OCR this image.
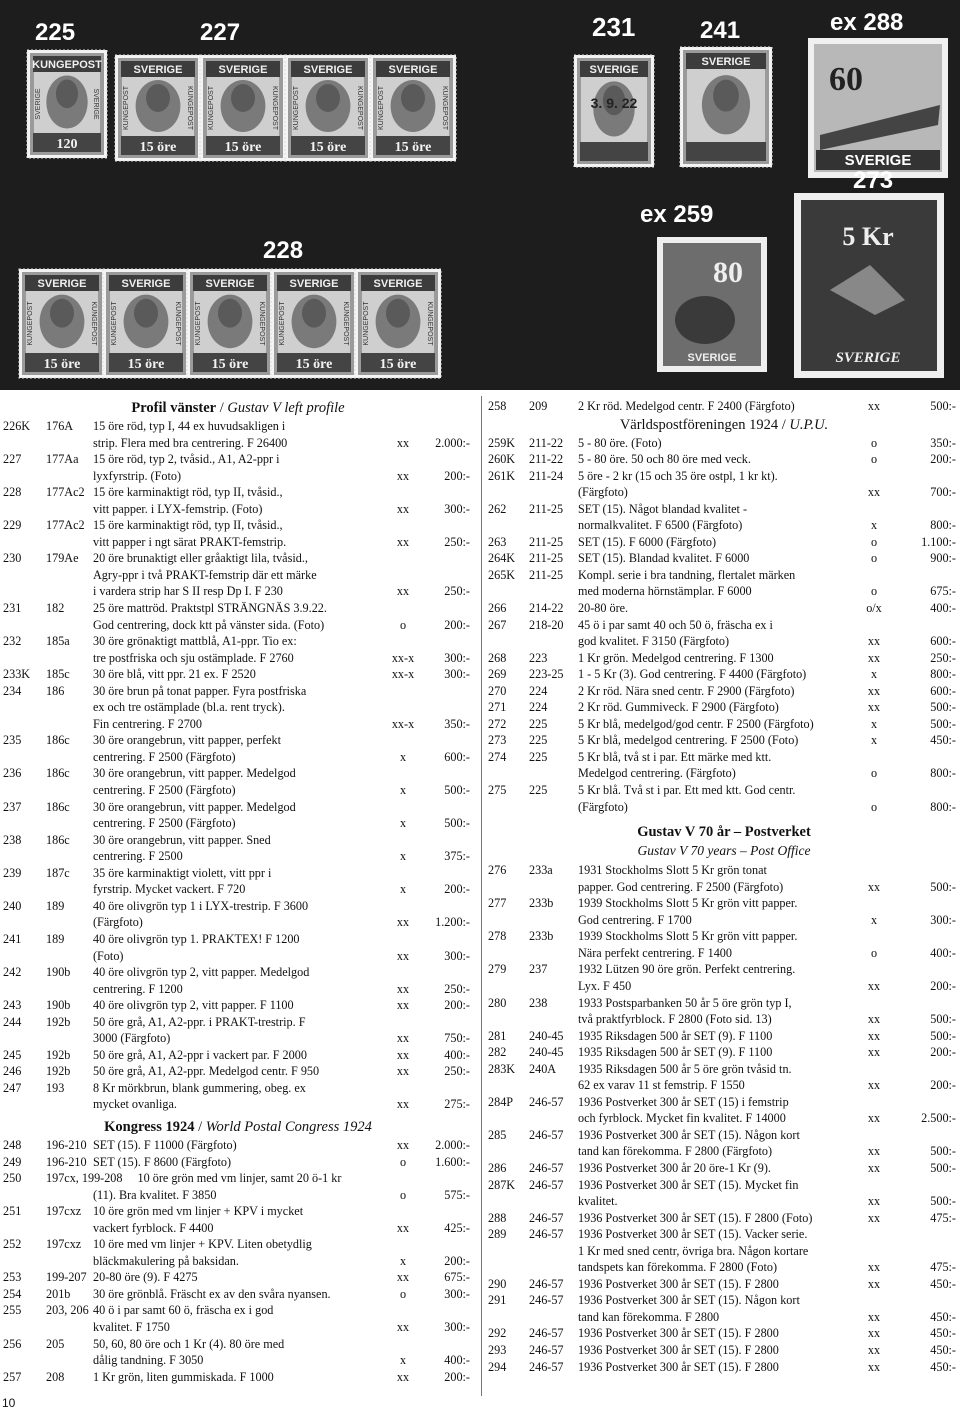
KUNGEPOST
120
SVERIGE	SVERIGE
SVERIGE
15 öre
KUNGEPOST	KUNGEPOST
SVERIGE
15 öre
KUNGEPOST	KUNGEPOST
SVERIGE
15 öre
KUNGEPOST	KUNGEPOST
SVERIGE
15 öre
KUNGEPOST	KUNGEPOST
SVERIGE
3. 9. 22
SVERIGE 60
SVERIGE
80
SVERIGE
5 Kr
SVERIGE
SVERIGE
15 öre
KUNGEPOST	KUNGEPOST
SVERIGE
15 öre
KUNGEPOST	KUNGEPOST
SVERIGE
15 öre
KUNGEPOST	KUNGEPOST
SVERIGE
15 öre
KUNGEPOST	KUNGEPOST
SVERIGE
15 öre
KUNGEPOST	KUNGEPOST
225	227	231	241	ex 288
273
ex 259
228
Profil vänster / Gustav V left profile
226K 176A 15 öre röd, typ I, 44 ex huvudsakligen i
strip. Flera med bra centrering. F 26400	xx	2.000:-
227 177Aa 15 öre röd, typ 2, tvåsid., A1, A2-ppr i
lyxfyrstrip. (Foto)	xx	200:-
228 177Ac2 15 öre karminaktigt röd, typ II, tvåsid.,
vitt papper. i LYX-femstrip. (Foto)	xx	300:-
229 177Ac2 15 öre karminaktigt röd, typ II, tvåsid.,
vitt papper i ngt särat PRAKT-femstrip.	xx	250:-
230 179Ae 20 öre brunaktigt eller gråaktigt lila, tvåsid.,
Agry-ppr i två PRAKT-femstrip där ett märke
i vardera strip har S II resp Dp I. F 230	xx	250:-
231 182 25 öre mattröd. Praktstpl STRÄNGNÄS 3.9.22.
God centrering, dock ktt på vänster sida. (Foto)	o	200:-
232 185a 30 öre grönaktigt mattblå, A1-ppr. Tio ex:
tre postfriska och sju ostämplade. F 2760	xx-x	300:-
233K 185c 30 öre blå, vitt ppr. 21 ex. F 2520	xx-x	300:-
234 186 30 öre brun på tonat papper. Fyra postfriska
ex och tre ostämplade (bl.a. rent tryck).
Fin centrering. F 2700	xx-x	350:-
235 186c 30 öre orangebrun, vitt papper, perfekt
centrering. F 2500 (Färgfoto)	x	600:-
236 186c 30 öre orangebrun, vitt papper. Medelgod
centrering. F 2500 (Färgfoto)	x	500:-
237 186c 30 öre orangebrun, vitt papper. Medelgod
centrering. F 2500 (Färgfoto)	x	500:-
238 186c 30 öre orangebrun, vitt papper. Sned
centrering. F 2500	x	375:-
239 187c 35 öre karminaktigt violett, vitt ppr i
fyrstrip. Mycket vackert. F 720	x	200:-
240 189 40 öre olivgrön typ 1 i LYX-trestrip. F 3600
(Färgfoto)	xx	1.200:-
241 189 40 öre olivgrön typ 1. PRAKTEX! F 1200
(Foto)	xx	300:-
242 190b 40 öre olivgrön typ 2, vitt papper. Medelgod
centrering. F 1200	xx	250:-
243 190b 40 öre olivgrön typ 2, vitt papper. F 1100	xx	200:-
244 192b 50 öre grå, A1, A2-ppr. i PRAKT-trestrip. F
3000 (Färgfoto)	xx	750:-
245 192b 50 öre grå, A1, A2-ppr i vackert par. F 2000	xx	400:-
246 192b 50 öre grå, A1, A2-ppr. Medelgod centr. F 950	xx	250:-
247 193 8 Kr mörkbrun, blank gummering, obeg. ex
mycket ovanliga.	xx	275:-
Kongress 1924 / World Postal Congress 1924
248 196-210 SET (15). F 11000 (Färgfoto)	xx	2.000:-
249 196-210 SET (15). F 8600 (Färgfoto)	o	1.600:-
250 197cx, 199-208 10 öre grön med vm linjer, samt 20 ö-1 kr
(11). Bra kvalitet. F 3850	o	575:-
251 197cxz 10 öre grön med vm linjer + KPV i mycket
vackert fyrblock. F 4400	xx	425:-
252 197cxz 10 öre med vm linjer + KPV. Liten obetydlig
bläckmakulering på baksidan.	x	200:-
253 199-207 20-80 öre (9). F 4275	xx	675:-
254 201b 30 öre grönblå. Fräscht ex av den svåra nyansen.	o	300:-
255 203, 206 40 ö i par samt 60 ö, fräscha ex i god
kvalitet. F 1750	xx	300:-
256 205 50, 60, 80 öre och 1 Kr (4). 80 öre med
dålig tandning. F 3050	x	400:-
257 208 1 Kr grön, liten gummiskada. F 1000	xx	200:-
258 209	2 Kr röd. Medelgod centr. F 2400 (Färgfoto)	xx	500:-
Världspostföreningen 1924 / U.P.U.
259K 211-22 5 - 80 öre. (Foto)	o	350:-
260K 211-22 5 - 80 öre. 50 och 80 öre med veck.	o	200:-
261K 211-24 5 öre - 2 kr (15 och 35 öre ostpl, 1 kr kt).
(Färgfoto)	xx	700:-
262 211-25 SET (15). Något blandad kvalitet -
normalkvalitet. F 6500 (Färgfoto)	x	800:-
263 211-25 SET (15). F 6000 (Färgfoto)	o	1.100:-
264K 211-25 SET (15). Blandad kvalitet. F 6000	o	900:-
265K 211-25 Kompl. serie i bra tandning, flertalet märken
med moderna hörnstämplar. F 6000	o	675:-
266 214-22 20-80 öre.	o/x	400:-
267 218-20 45 ö i par samt 40 och 50 ö, fräscha ex i
god kvalitet. F 3150 (Färgfoto)	xx	600:-
268 223	1 Kr grön. Medelgod centrering. F 1300	xx	250:-
269 223-25 1 - 5 Kr (3). God centrering. F 4400 (Färgfoto)	x	800:-
270 224	2 Kr röd. Nära sned centr. F 2900 (Färgfoto)	xx	600:-
271 224	2 Kr röd. Gummiveck. F 2900 (Färgfoto)	xx	500:-
272 225	5 Kr blå, medelgod/god centr. F 2500 (Färgfoto)	x	500:-
273 225	5 Kr blå, medelgod centrering. F 2500 (Foto)	x	450:-
274 225	5 Kr blå, två st i par. Ett märke med ktt.
Medelgod centrering. (Färgfoto)	o	800:-
275 225	5 Kr blå. Två st i par. Ett med ktt. God centr.
(Färgfoto)	o	800:-
Gustav V 70 år – Postverket
Gustav V 70 years – Post Office
276 233a 1931 Stockholms Slott 5 Kr grön tonat
papper. God centrering. F 2500 (Färgfoto)	xx	500:-
277 233b 1939 Stockholms Slott 5 Kr grön vitt papper.
God centrering. F 1700	x	300:-
278 233b 1939 Stockholms Slott 5 Kr grön vitt papper.
Nära perfekt centrering. F 1400	o	400:-
279 237	1932 Lützen 90 öre grön. Perfekt centrering.
Lyx. F 450	xx	200:-
280 238	1933 Postsparbanken 50 år 5 öre grön typ I,
två praktfyrblock. F 2800 (Foto sid. 13)	xx	500:-
281 240-45 1935 Riksdagen 500 år SET (9). F 1100	xx	500:-
282 240-45 1935 Riksdagen 500 år SET (9). F 1100	xx	200:-
283K 240A 1935 Riksdagen 500 år 5 öre grön tvåsid tn.
62 ex varav 11 st femstrip. F 1550	xx	200:-
284P 246-57 1936 Postverket 300 år SET (15) i femstrip
och fyrblock. Mycket fin kvalitet. F 14000	xx	2.500:-
285 246-57 1936 Postverket 300 år SET (15). Någon kort
tand kan förekomma. F 2800 (Färgfoto)	xx	500:-
286 246-57 1936 Postverket 300 år 20 öre-1 Kr (9).	xx	500:-
287K 246-57 1936 Postverket 300 år SET (15). Mycket fin
kvalitet.	xx	500:-
288 246-57 1936 Postverket 300 år SET (15). F 2800 (Foto)	xx	475:-
289 246-57 1936 Postverket 300 år SET (15). Vacker serie.
1 Kr med sned centr, övriga bra. Någon kortare
tandspets kan förekomma. F 2800 (Foto)	xx	475:-
290 246-57 1936 Postverket 300 år SET (15). F 2800	xx	450:-
291 246-57 1936 Postverket 300 år SET (15). Någon kort
tand kan förekomma. F 2800	xx	450:-
292 246-57 1936 Postverket 300 år SET (15). F 2800	xx	450:-
293 246-57 1936 Postverket 300 år SET (15). F 2800	xx	450:-
294 246-57 1936 Postverket 300 år SET (15). F 2800	xx	450:-
10
